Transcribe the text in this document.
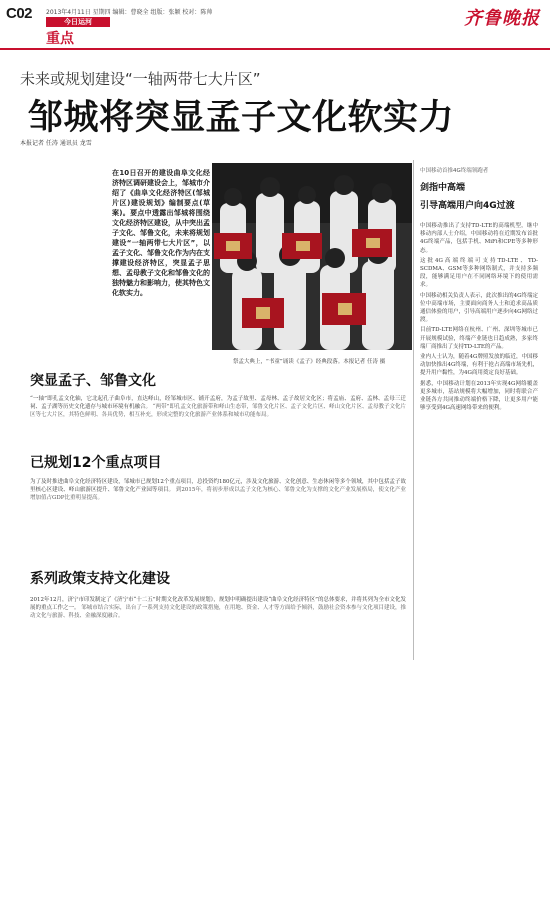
C02 2013年4月11日 星期四 编辑：曹晓全 组版：张颖 校对：陈帅
今日运河
重点
齐鲁晚报
未来或规划建设“一轴两带七大片区”
邹城将突显孟子文化软实力
本报记者 任涛 通讯员 龙雪
在10日召开的建设曲阜文化经济特区调研建设会上，邹城市介绍了《曲阜文化经济特区(邹城片区)建设规划》编制要点(草案)。要点中透露出邹城将围绕文化经济特区建设，从中突出孟子文化、邹鲁文化，未来将规划建设“一轴两带七大片区”，以孟子文化、邹鲁文化作为内在支撑建设经济特区，突显孟子思想、孟母教子文化和邹鲁文化的独特魅力和影响力，使其特色文化软实力。
祭孟大典上，“书童”诵读《孟子》经典段落。本报记者 任涛 摄
突显孟子、邹鲁文化
“一轴”即孔孟文化轴，它北起孔子曲阜市，直达峄山，经邹城市区、铺开孟府，为孟子故里、孟母林、孟子故居文化区；将孟庙、孟府、孟林、孟母三迁祠、孟子湖等历史文化遗存与城市环境有机融合。 “两带”即孔孟文化旅游带和峄山生态带，邹鲁文化片区、孟子文化片区、峄山文化片区、孟母教子文化片区等七大片区，其特色鲜明、各具优势，相互补充，形成完整的文化旅游产业体系和城市功能布局。
已规划12个重点项目
为了及时推进曲阜文化经济特区建设，邹城市已规划12个重点项目，总投资约180亿元，涉及文化旅游、文化创意、生态休闲等多个领域，其中包括孟子故里核心区建设、峄山旅游区提升、邹鲁文化产业园等项目。 到2015年，将初步形成以孟子文化为核心、邹鲁文化为支撑的文化产业发展格局，使文化产业增加值占GDP比重明显提高。
系列政策支持文化建设
2012年12月，济宁市印发制定了《济宁市“十二五”时期文化改革发展规划》，规划中明确提出建设“曲阜文化经济特区”的总体要求，并将其列为全市文化发展的重点工作之一。 邹城市结合实际，出台了一系列支持文化建设的政策措施，在用地、资金、人才等方面给予倾斜，鼓励社会资本参与文化项目建设，推动文化与旅游、科技、金融深度融合。
中国移动首推4G终端领跑者
剑指中高端
引导高端用户向4G过渡

中国移动推出了支持TD-LTE的高端机型，继中移动内部人士介绍，中国移动将在近期发布首批4G终端产品，包括手机、MiFi和CPE等多种形态。

这批4G高端终端可支持TD-LTE、TD-SCDMA、GSM等多种网络制式，并支持多频段，能够满足用户在不同网络环境下的使用需求。

中国移动相关负责人表示，此次推出的4G终端定位中高端市场，主要面向商务人士和追求高品质通信体验的用户，引导高端用户逐步向4G网络过渡。

目前TD-LTE网络在杭州、广州、深圳等城市已开展规模试验，终端产业链也日趋成熟，多家终端厂商推出了支持TD-LTE的产品。

业内人士认为，随着4G牌照发放的临近，中国移动加快推出4G终端，有利于抢占高端市场先机，提升用户黏性，为4G商用奠定良好基础。

据悉，中国移动计划在2013年实现4G网络覆盖更多城市，基站规模将大幅增加，同时将联合产业链各方共同推动终端价格下降，让更多用户能够享受到4G高速网络带来的便利。
